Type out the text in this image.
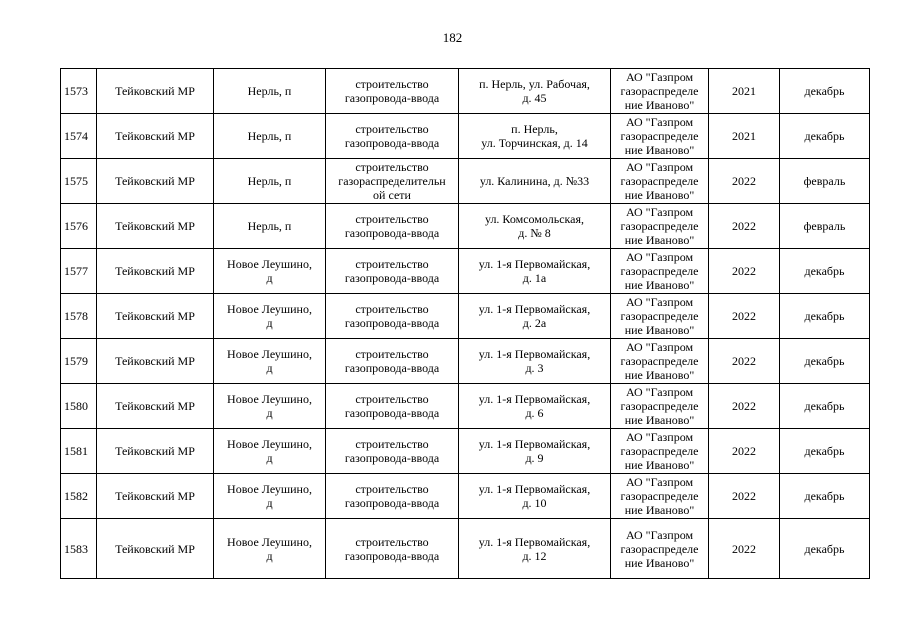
182
1573	Тейковский МР	Нерль, п	строительство
газопровода-ввода	п. Нерль, ул. Рабочая,
д. 45	АО "Газпром
газораспределе
ние Иваново"	2021	декабрь
1574	Тейковский МР	Нерль, п	строительство
газопровода-ввода	п. Нерль,
ул. Торчинская, д. 14	АО "Газпром
газораспределе
ние Иваново"	2021	декабрь
1575	Тейковский МР	Нерль, п	строительство
газораспределительн
ой сети	ул. Калинина, д. №33	АО "Газпром
газораспределе
ние Иваново"	2022	февраль
1576	Тейковский МР	Нерль, п	строительство
газопровода-ввода	ул. Комсомольская,
д. № 8	АО "Газпром
газораспределе
ние Иваново"	2022	февраль
1577	Тейковский МР	Новое Леушино,
д	строительство
газопровода-ввода	ул. 1-я Первомайская,
д. 1а	АО "Газпром
газораспределе
ние Иваново"	2022	декабрь
1578	Тейковский МР	Новое Леушино,
д	строительство
газопровода-ввода	ул. 1-я Первомайская,
д. 2а	АО "Газпром
газораспределе
ние Иваново"	2022	декабрь
1579	Тейковский МР	Новое Леушино,
д	строительство
газопровода-ввода	ул. 1-я Первомайская,
д. 3	АО "Газпром
газораспределе
ние Иваново"	2022	декабрь
1580	Тейковский МР	Новое Леушино,
д	строительство
газопровода-ввода	ул. 1-я Первомайская,
д. 6	АО "Газпром
газораспределе
ние Иваново"	2022	декабрь
1581	Тейковский МР	Новое Леушино,
д	строительство
газопровода-ввода	ул. 1-я Первомайская,
д. 9	АО "Газпром
газораспределе
ние Иваново"	2022	декабрь
1582	Тейковский МР	Новое Леушино,
д	строительство
газопровода-ввода	ул. 1-я Первомайская,
д. 10	АО "Газпром
газораспределе
ние Иваново"	2022	декабрь
1583	Тейковский МР	Новое Леушино,
д	строительство
газопровода-ввода	ул. 1-я Первомайская,
д. 12	АО "Газпром
газораспределе
ние Иваново"	2022	декабрь
